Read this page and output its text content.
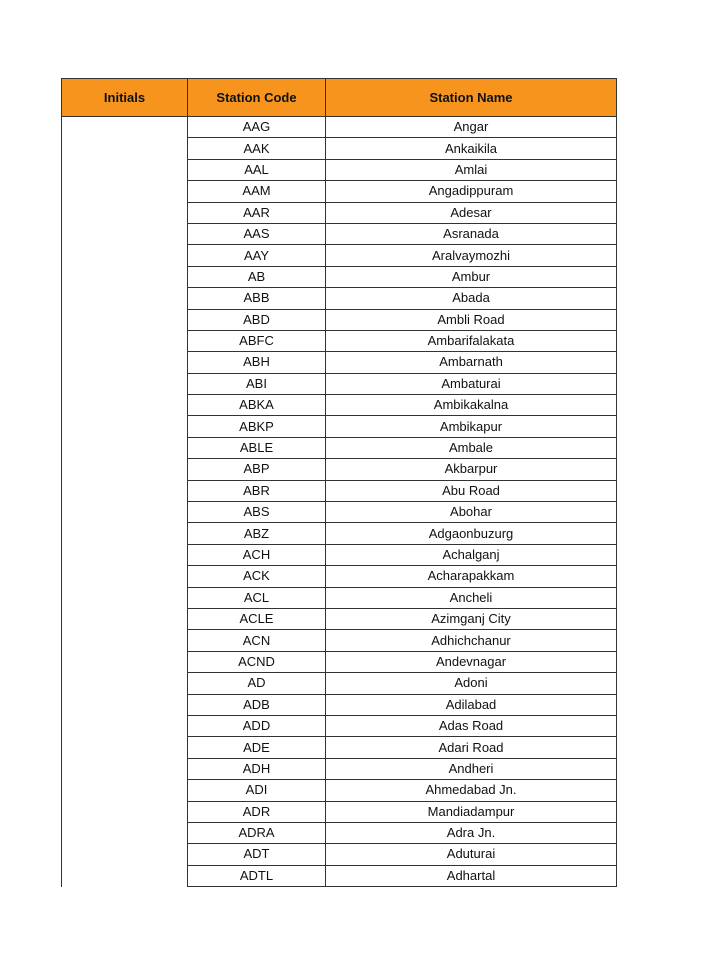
Initials	Station Code	Station Name
	AAG	Angar
	AAK	Ankaikila
	AAL	Amlai
	AAM	Angadippuram
	AAR	Adesar
	AAS	Asranada
	AAY	Aralvaymozhi
	AB	Ambur
	ABB	Abada
	ABD	Ambli Road
	ABFC	Ambarifalakata
	ABH	Ambarnath
	ABI	Ambaturai
	ABKA	Ambikakalna
	ABKP	Ambikapur
	ABLE	Ambale
	ABP	Akbarpur
	ABR	Abu Road
	ABS	Abohar
	ABZ	Adgaonbuzurg
	ACH	Achalganj
	ACK	Acharapakkam
	ACL	Ancheli
	ACLE	Azimganj City
	ACN	Adhichchanur
	ACND	Andevnagar
	AD	Adoni
	ADB	Adilabad
	ADD	Adas Road
	ADE	Adari Road
	ADH	Andheri
	ADI	Ahmedabad Jn.
	ADR	Mandiadampur
	ADRA	Adra Jn.
	ADT	Aduturai
	ADTL	Adhartal
